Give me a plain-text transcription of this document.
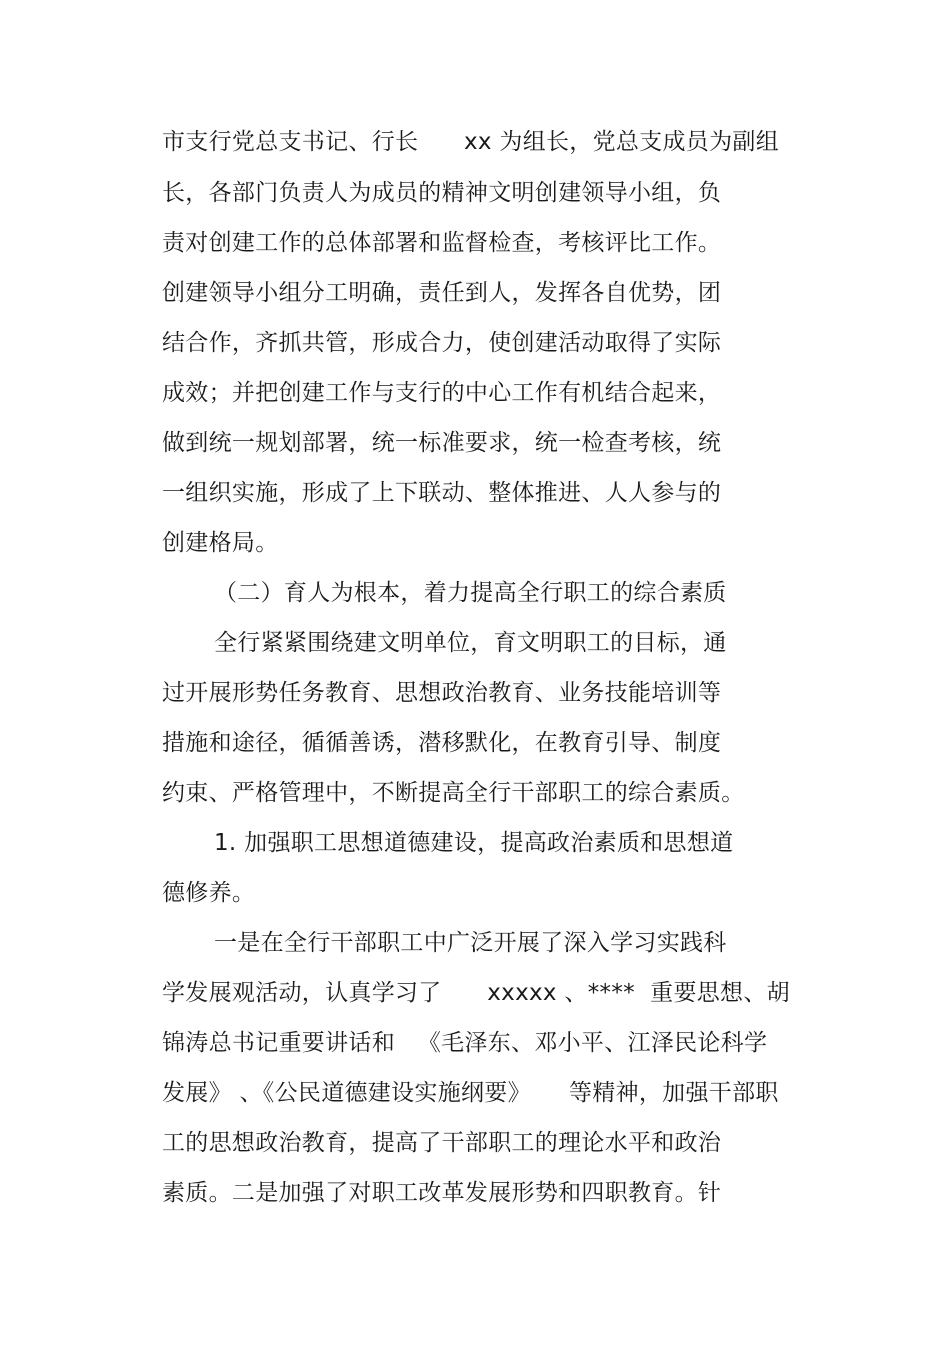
市支行党总支书记、行长      xx 为组长，党总支成员为副组
长，各部门负责人为成员的精神文明创建领导小组，负
责对创建工作的总体部署和监督检查，考核评比工作。
创建领导小组分工明确，责任到人，发挥各自优势，团
结合作，齐抓共管，形成合力，使创建活动取得了实际
成效；并把创建工作与支行的中心工作有机结合起来，
做到统一规划部署，统一标准要求，统一检查考核，统
一组织实施，形成了上下联动、整体推进、人人参与的
创建格局。
（二）育人为根本，着力提高全行职工的综合素质
全行紧紧围绕建文明单位，育文明职工的目标，通
过开展形势任务教育、思想政治教育、业务技能培训等
措施和途径，循循善诱，潜移默化，在教育引导、制度
约束、严格管理中，不断提高全行干部职工的综合素质。
1. 加强职工思想道德建设，提高政治素质和思想道
德修养。
一是在全行干部职工中广泛开展了深入学习实践科
学发展观活动，认真学习了      xxxxx 、****  重要思想、胡
锦涛总书记重要讲话和   《毛泽东、邓小平、江泽民论科学
发展》 、《公民道德建设实施纲要》     等精神，加强干部职
工的思想政治教育，提高了干部职工的理论水平和政治
素质。二是加强了对职工改革发展形势和四职教育。针
